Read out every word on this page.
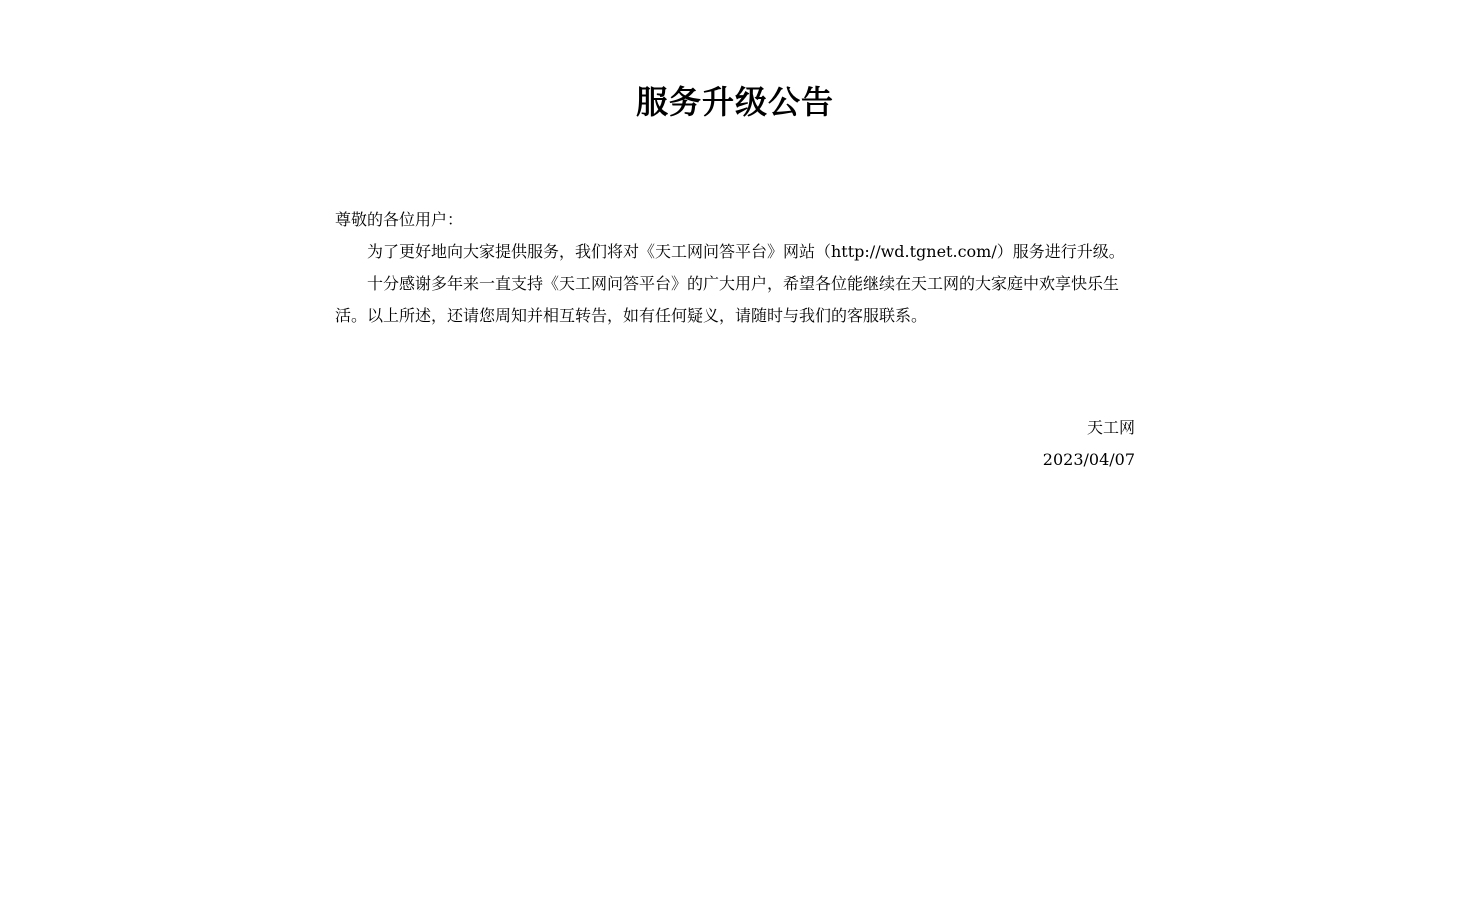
服务升级公告

尊敬的各位用户：

为了更好地向大家提供服务，我们将对《天工网问答平台》网站（http://wd.tgnet.com/）服务进行升级。

十分感谢多年来一直支持《天工网问答平台》的广大用户，希望各位能继续在天工网的大家庭中欢享快乐生活。以上所述，还请您周知并相互转告，如有任何疑义，请随时与我们的客服联系。

天工网
2023/04/07
